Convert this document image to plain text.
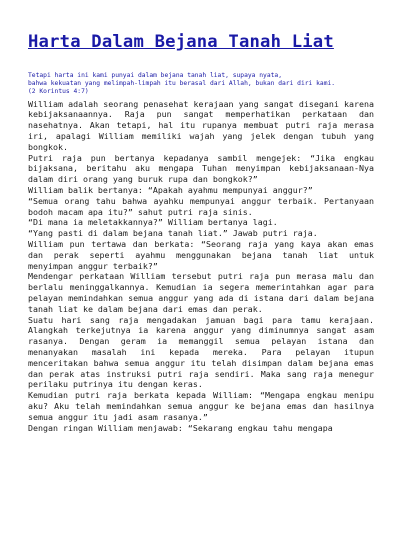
Harta Dalam Bejana Tanah Liat

Tetapi harta ini kami punyai dalam bejana tanah liat, supaya nyata,

bahwa kekuatan yang melimpah-limpah itu berasal dari Allah, bukan dari diri kami.

(2 Korintus 4:7)

William adalah seorang penasehat kerajaan yang sangat disegani karena kebijaksanaannya. Raja pun sangat memperhatikan perkataan dan nasehatnya. Akan tetapi, hal itu rupanya membuat putri raja merasa iri, apalagi William memiliki wajah yang jelek dengan tubuh yang bongkok.

Putri raja pun bertanya kepadanya sambil mengejek: “Jika engkau bijaksana, beritahu aku mengapa Tuhan menyimpan kebijaksanaan-Nya dalam diri orang yang buruk rupa dan bongkok?”

William balik bertanya: “Apakah ayahmu mempunyai anggur?”

“Semua orang tahu bahwa ayahku mempunyai anggur terbaik. Pertanyaan bodoh macam apa itu?” sahut putri raja sinis.

“Di mana ia meletakkannya?” William bertanya lagi.

“Yang pasti di dalam bejana tanah liat.” Jawab putri raja.

William pun tertawa dan berkata: “Seorang raja yang kaya akan emas dan perak seperti ayahmu menggunakan bejana tanah liat untuk menyimpan anggur terbaik?”

Mendengar perkataan William tersebut putri raja pun merasa malu dan berlalu meninggalkannya. Kemudian ia segera memerintahkan agar para pelayan memindahkan semua anggur yang ada di istana dari dalam bejana tanah liat ke dalam bejana dari emas dan perak.

Suatu hari sang raja mengadakan jamuan bagi para tamu kerajaan. Alangkah terkejutnya ia karena anggur yang diminumnya sangat asam rasanya. Dengan geram ia memanggil semua pelayan istana dan menanyakan masalah ini kepada mereka. Para pelayan itupun menceritakan bahwa semua anggur itu telah disimpan dalam bejana emas dan perak atas instruksi putri raja sendiri. Maka sang raja menegur perilaku putrinya itu dengan keras.

Kemudian putri raja berkata kepada William: “Mengapa engkau menipu aku? Aku telah memindahkan semua anggur ke bejana emas dan hasilnya semua anggur itu jadi asam rasanya.”

Dengan ringan William menjawab: “Sekarang engkau tahu mengapa
